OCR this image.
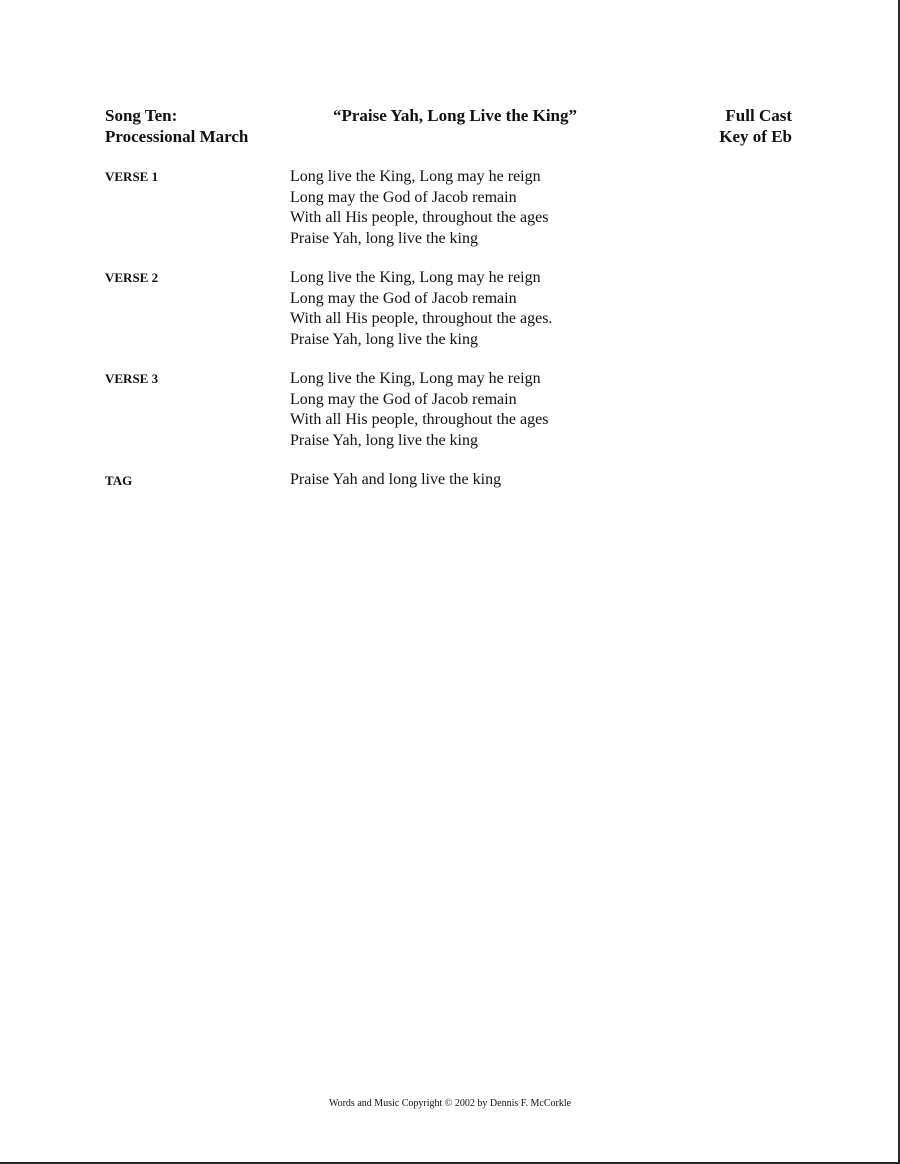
Song Ten:
Processional March
“Praise Yah, Long Live the King”	Full Cast
Key of Eb
VERSE 1	Long live the King, Long may he reign
Long may the God of Jacob remain
With all His people, throughout the ages
Praise Yah, long live the king
VERSE 2	Long live the King, Long may he reign
Long may the God of Jacob remain
With all His people, throughout the ages.
Praise Yah, long live the king
VERSE 3	Long live the King, Long may he reign
Long may the God of Jacob remain
With all His people, throughout the ages
Praise Yah, long live the king
TAG	Praise Yah and long live the king
Words and Music Copyright © 2002 by Dennis F. McCorkle
